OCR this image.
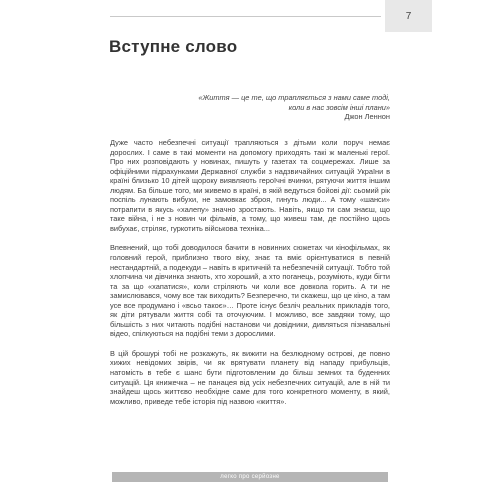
7
Вступне слово
«Життя — це те, що трапляється з нами саме тоді,
коли в нас зовсім інші плани»
Джон Леннон

Дуже часто небезпечні ситуації трапляються з дітьми коли поруч немає дорослих. І саме в такі моменти на допомогу приходять такі ж маленькі герої. Про них розповідають у новинах, пишуть у газетах та соцмережах. Лише за офіційними підрахунками Державної служби з надзвичайних ситуацій України в країні близько 10 дітей щороку виявляють героїчні вчинки, рятуючи життя іншим людям. Ба більше того, ми живемо в країні, в якій ведуться бойові дії: сьомий рік поспіль лунають вибухи, не замовкає зброя, гинуть люди... А тому «шанси» потрапити в якусь «халепу» значно зростають. Навіть, якщо ти сам знаєш, що таке війна, і не з новин чи фільмів, а тому, що живеш там, де постійно щось вибухає, стріляє, гуркотить військова техніка...

Впевнений, що тобі доводилося бачити в новинних сюжетах чи кінофільмах, як головний герой, приблизно твого віку, знає та вміє орієнтуватися в певній нестандартній, а подекуди – навіть в критичній та небезпечній ситуації. Тобто той хлопчина чи дівчинка знають, хто хороший, а хто поганець, розуміють, куди бігти та за що «хапатися», коли стріляють чи коли все довкола горить. А ти не замислювався, чому все так виходить? Безперечно, ти скажеш, що це кіно, а там усе все продумано і «всьо такоє»… Проте існує безліч реальних прикладів того, як діти рятували життя собі та оточуючим. І можливо, все завдяки тому, що більшість з них читають подібні настанови чи довідники, дивляться пізнавальні відео, спілкуються на подібні теми з дорослими.

В цій брошурі тобі не розкажуть, як вижити на безлюдному острові, де повно хижих невідомих звірів, чи як врятувати планету від нападу прибульців, натомість в тебе є шанс бути підготовленим до більш земних та буденних ситуацій. Ця книжечка – не панацея від усіх небезпечних ситуацій, але в ній ти знайдеш щось життєво необхідне саме для того конкретного моменту, в який, можливо, приведе тебе історія під назвою «життя».

легко про серйозне
